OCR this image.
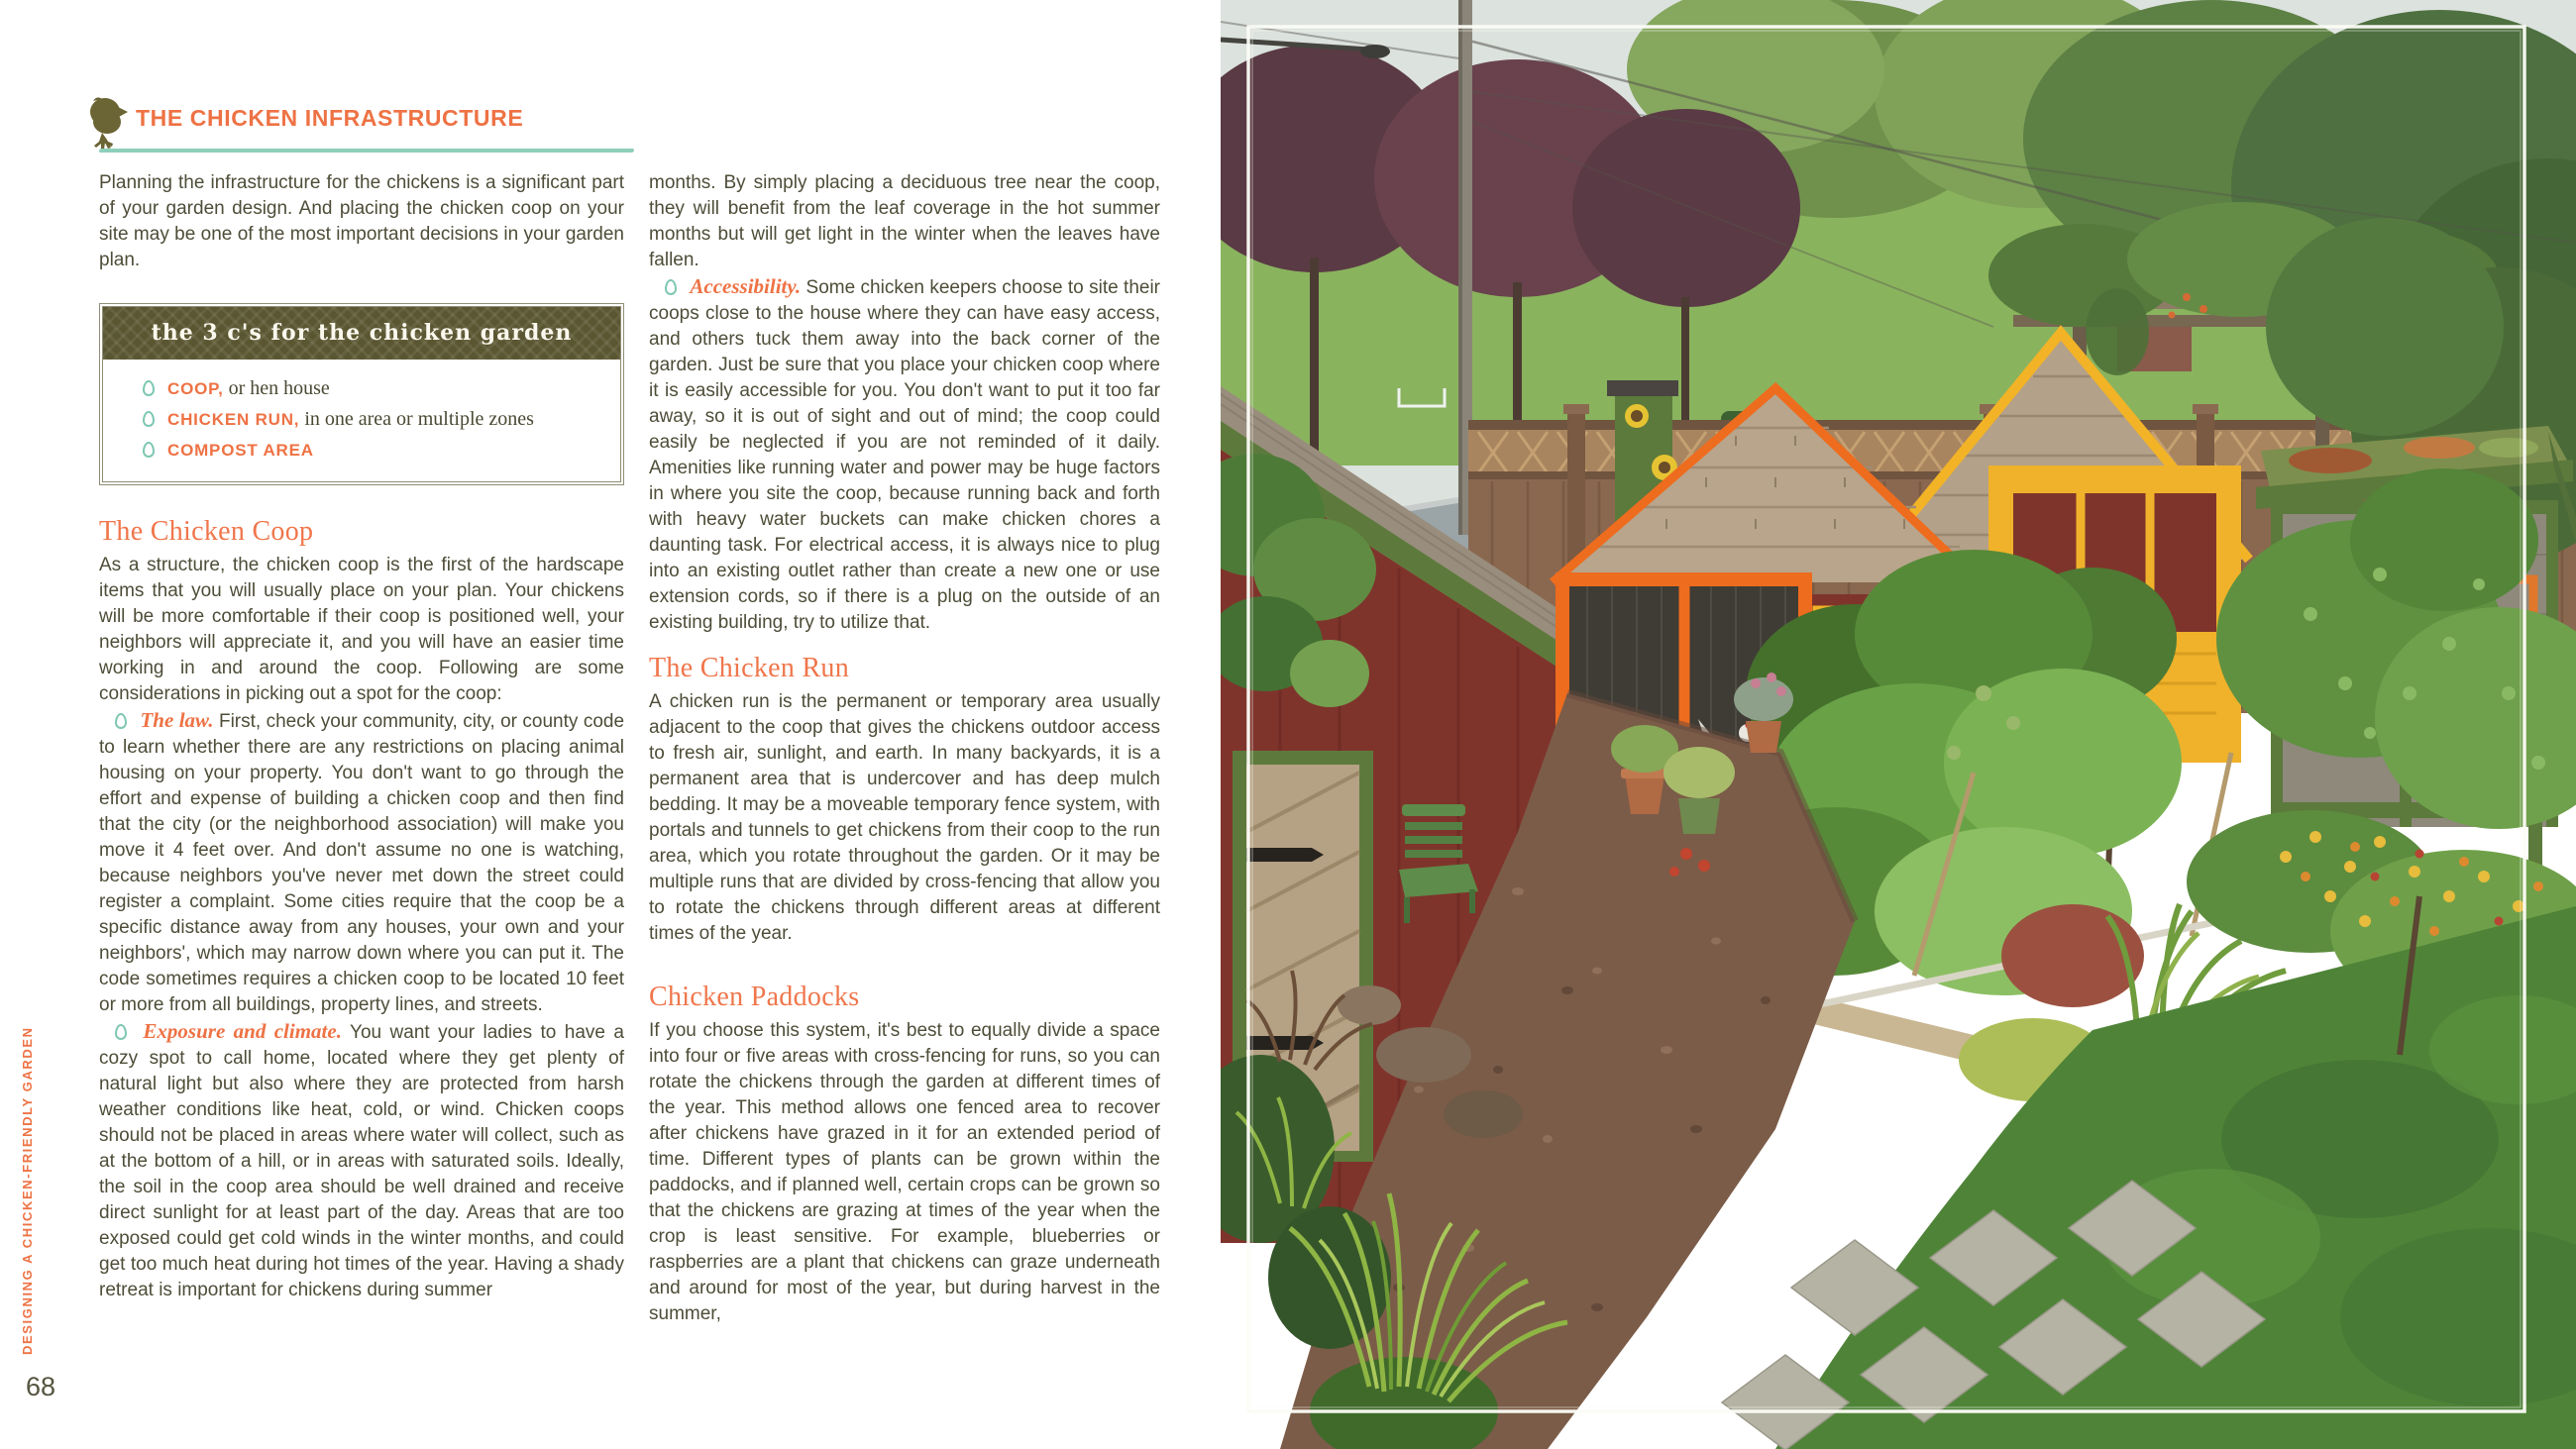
THE CHICKEN INFRASTRUCTURE

Planning the infrastructure for the chickens is a significant part of your garden design. And placing the chicken coop on your site may be one of the most important decisions in your garden plan.

the 3 c's for the chicken garden
COOP, or hen house
CHICKEN RUN, in one area or multiple zones
COMPOST AREA
The Chicken Coop

As a structure, the chicken coop is the first of the hardscape items that you will usually place on your plan. Your chickens will be more comfortable if their coop is positioned well, your neighbors will appreciate it, and you will have an easier time working in and around the coop. Following are some considerations in picking out a spot for the coop:

The law. First, check your community, city, or county code to learn whether there are any restrictions on placing animal housing on your property. You don't want to go through the effort and expense of building a chicken coop and then find that the city (or the neighborhood association) will make you move it 4 feet over. And don't assume no one is watching, because neighbors you've never met down the street could register a complaint. Some cities require that the coop be a specific distance away from any houses, your own and your neighbors', which may narrow down where you can put it. The code sometimes requires a chicken coop to be located 10 feet or more from all buildings, property lines, and streets.

Exposure and climate. You want your ladies to have a cozy spot to call home, located where they get plenty of natural light but also where they are protected from harsh weather conditions like heat, cold, or wind. Chicken coops should not be placed in areas where water will collect, such as at the bottom of a hill, or in areas with saturated soils. Ideally, the soil in the coop area should be well drained and receive direct sunlight for at least part of the day. Areas that are too exposed could get cold winds in the winter months, and could get too much heat during hot times of the year. Having a shady retreat is important for chickens during summer

months. By simply placing a deciduous tree near the coop, they will benefit from the leaf coverage in the hot summer months but will get light in the winter when the leaves have fallen.

Accessibility. Some chicken keepers choose to site their coops close to the house where they can have easy access, and others tuck them away into the back corner of the garden. Just be sure that you place your chicken coop where it is easily accessible for you. You don't want to put it too far away, so it is out of sight and out of mind; the coop could easily be neglected if you are not reminded of it daily. Amenities like running water and power may be huge factors in where you site the coop, because running back and forth with heavy water buckets can make chicken chores a daunting task. For electrical access, it is always nice to plug into an existing outlet rather than create a new one or use extension cords, so if there is a plug on the outside of an existing building, try to utilize that.

The Chicken Run

A chicken run is the permanent or temporary area usually adjacent to the coop that gives the chickens outdoor access to fresh air, sunlight, and earth. In many backyards, it is a permanent area that is undercover and has deep mulch bedding. It may be a moveable temporary fence system, with portals and tunnels to get chickens from their coop to the run area, which you rotate throughout the garden. Or it may be multiple runs that are divided by cross-fencing that allow you to rotate the chickens through different areas at different times of the year.

Chicken Paddocks

If you choose this system, it's best to equally divide a space into four or five areas with cross-fencing for runs, so you can rotate the chickens through the garden at different times of the year. This method allows one fenced area to recover after chickens have grazed in it for an extended period of time. Different types of plants can be grown within the paddocks, and if planned well, certain crops can be grown so that the chickens are grazing at times of the year when the crop is least sensitive. For example, blueberries or raspberries are a plant that chickens can graze underneath and around for most of the year, but during harvest in the summer,

DESIGNING A CHICKEN-FRIENDLY GARDEN
68
